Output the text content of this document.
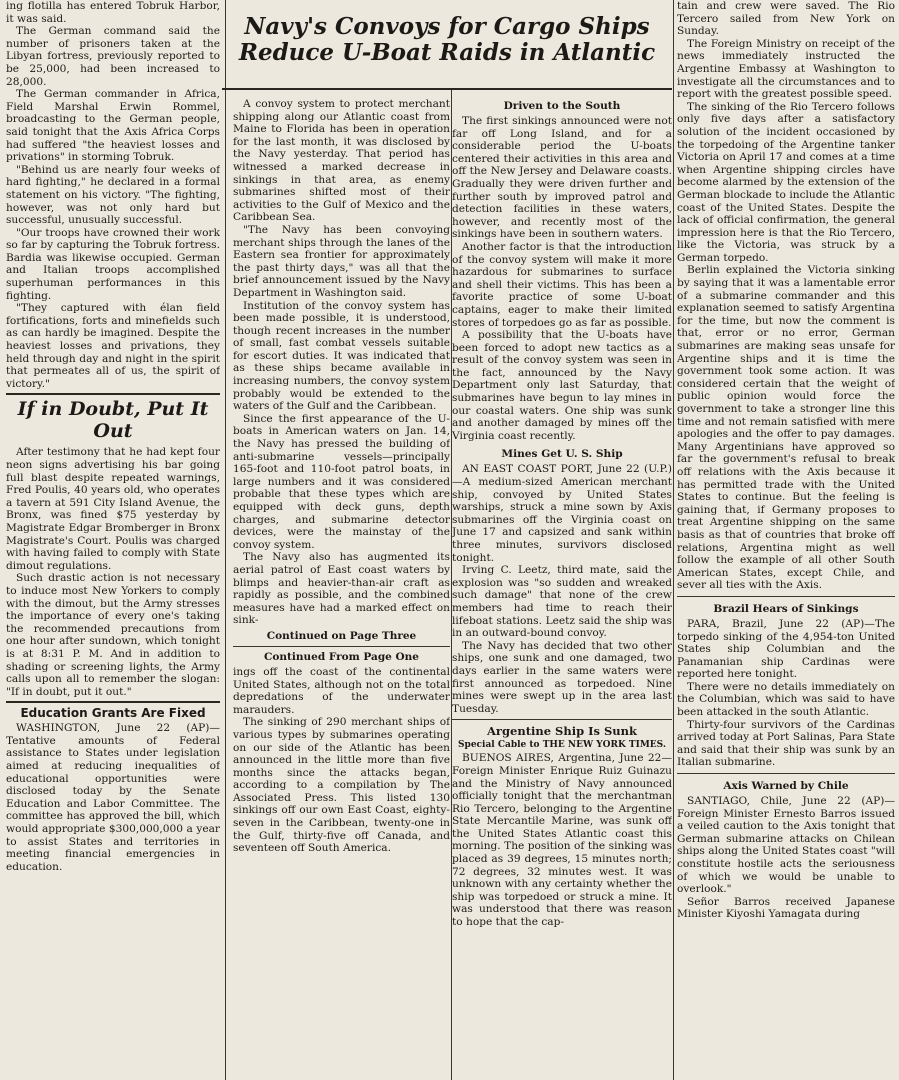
ing flotilla has entered Tobruk Harbor, it was said.

The German command said the number of prisoners taken at the Libyan fortress, previously reported to be 25,000, had been increased to 28,000.

The German commander in Africa, Field Marshal Erwin Rommel, broadcasting to the German people, said tonight that the Axis Africa Corps had suffered "the heaviest losses and privations" in storming Tobruk.

"Behind us are nearly four weeks of hard fighting," he declared in a formal statement on his victory. "The fighting, however, was not only hard but successful, unusually successful.

"Our troops have crowned their work so far by capturing the Tobruk fortress. Bardia was likewise occupied. German and Italian troops accomplished superhuman performances in this fighting.

"They captured with élan field fortifications, forts and minefields such as can hardly be imagined. Despite the heaviest losses and privations, they held through day and night in the spirit that permeates all of us, the spirit of victory."

If in Doubt, Put It Out

After testimony that he had kept four neon signs advertising his bar going full blast despite repeated warnings, Fred Poulis, 40 years old, who operates a tavern at 591 City Island Avenue, the Bronx, was fined $75 yesterday by Magistrate Edgar Bromberger in Bronx Magistrate's Court. Poulis was charged with having failed to comply with State dimout regulations.

Such drastic action is not necessary to induce most New Yorkers to comply with the dimout, but the Army stresses the importance of every one's taking the recommended precautions from one hour after sundown, which tonight is at 8:31 P. M. And in addition to shading or screening lights, the Army calls upon all to remember the slogan: "If in doubt, put it out."

Education Grants Are Fixed

WASHINGTON, June 22 (AP)—Tentative amounts of Federal assistance to States under legislation aimed at reducing inequalities of educational opportunities were disclosed today by the Senate Education and Labor Committee. The committee has approved the bill, which would appropriate $300,000,000 a year to assist States and territories in meeting financial emergencies in education.

Navy's Convoys for Cargo Ships
Reduce U-Boat Raids in Atlantic

A convoy system to protect merchant shipping along our Atlantic coast from Maine to Florida has been in operation for the last month, it was disclosed by the Navy yesterday. That period has witnessed a marked decrease in sinkings in that area, as enemy submarines shifted most of their activities to the Gulf of Mexico and the Caribbean Sea.

"The Navy has been convoying merchant ships through the lanes of the Eastern sea frontier for approximately the past thirty days," was all that the brief announcement issued by the Navy Department in Washington said.

Institution of the convoy system has been made possible, it is understood, though recent increases in the number of small, fast combat vessels suitable for escort duties. It was indicated that as these ships became available in increasing numbers, the convoy system probably would be extended to the waters of the Gulf and the Caribbean.

Since the first appearance of the U-boats in American waters on Jan. 14, the Navy has pressed the building of anti-submarine vessels—principally 165-foot and 110-foot patrol boats, in large numbers and it was considered probable that these types which are equipped with deck guns, depth charges, and submarine detector devices, were the mainstay of the convoy system.

The Navy also has augmented its aerial patrol of East coast waters by blimps and heavier-than-air craft as rapidly as possible, and the combined measures have had a marked effect on sink-

Continued on Page Three
Continued From Page One

ings off the coast of the continental United States, although not on the total depredations of the underwater marauders.

The sinking of 290 merchant ships of various types by submarines operating on our side of the Atlantic has been announced in the little more than five months since the attacks began, according to a compilation by The Associated Press. This listed 130 sinkings off our own East Coast, eighty-seven in the Caribbean, twenty-one in the Gulf, thirty-five off Canada, and seventeen off South America.

Driven to the South

The first sinkings announced were not far off Long Island, and for a considerable period the U-boats centered their activities in this area and off the New Jersey and Delaware coasts. Gradually they were driven further and further south by improved patrol and detection facilities in these waters, however, and recently most of the sinkings have been in southern waters.

Another factor is that the introduction of the convoy system will make it more hazardous for submarines to surface and shell their victims. This has been a favorite practice of some U-boat captains, eager to make their limited stores of torpedoes go as far as possible.

A possibility that the U-boats have been forced to adopt new tactics as a result of the convoy system was seen in the fact, announced by the Navy Department only last Saturday, that submarines have begun to lay mines in our coastal waters. One ship was sunk and another damaged by mines off the Virginia coast recently.

Mines Get U. S. Ship

AN EAST COAST PORT, June 22 (U.P.)—A medium-sized American merchant ship, convoyed by United States warships, struck a mine sown by Axis submarines off the Virginia coast on June 17 and capsized and sank within three minutes, survivors disclosed tonight.

Irving C. Leetz, third mate, said the explosion was "so sudden and wreaked such damage" that none of the crew members had time to reach their lifeboat stations. Leetz said the ship was in an outward-bound convoy.

The Navy has decided that two other ships, one sunk and one damaged, two days earlier in the same waters were first announced as torpedoed. Nine mines were swept up in the area last Tuesday.

Argentine Ship Is Sunk
Special Cable to THE NEW YORK TIMES.

BUENOS AIRES, Argentina, June 22—Foreign Minister Enrique Ruiz Guinazu and the Ministry of Navy announced officially tonight that the merchantman Rio Tercero, belonging to the Argentine State Mercantile Marine, was sunk off the United States Atlantic coast this morning. The position of the sinking was placed as 39 degrees, 15 minutes north; 72 degrees, 32 minutes west. It was unknown with any certainty whether the ship was torpedoed or struck a mine. It was understood that there was reason to hope that the cap-

tain and crew were saved. The Rio Tercero sailed from New York on Sunday.

The Foreign Ministry on receipt of the news immediately instructed the Argentine Embassy at Washington to investigate all the circumstances and to report with the greatest possible speed.

The sinking of the Rio Tercero follows only five days after a satisfactory solution of the incident occasioned by the torpedoing of the Argentine tanker Victoria on April 17 and comes at a time when Argentine shipping circles have become alarmed by the extension of the German blockade to include the Atlantic coast of the United States. Despite the lack of official confirmation, the general impression here is that the Rio Tercero, like the Victoria, was struck by a German torpedo.

Berlin explained the Victoria sinking by saying that it was a lamentable error of a submarine commander and this explanation seemed to satisfy Argentina for the time, but now the comment is that, error or no error, German submarines are making seas unsafe for Argentine ships and it is time the government took some action. It was considered certain that the weight of public opinion would force the government to take a stronger line this time and not remain satisfied with mere apologies and the offer to pay damages. Many Argentinians have approved so far the government's refusal to break off relations with the Axis because it has permitted trade with the United States to continue. But the feeling is gaining that, if Germany proposes to treat Argentine shipping on the same basis as that of countries that broke off relations, Argentina might as well follow the example of all other South American States, except Chile, and sever all ties with the Axis.

Brazil Hears of Sinkings

PARA, Brazil, June 22 (AP)—The torpedo sinking of the 4,954-ton United States ship Columbian and the Panamanian ship Cardinas were reported here tonight.

There were no details immediately on the Columbian, which was said to have been attacked in the south Atlantic.

Thirty-four survivors of the Cardinas arrived today at Port Salinas, Para State and said that their ship was sunk by an Italian submarine.

Axis Warned by Chile

SANTIAGO, Chile, June 22 (AP)—Foreign Minister Ernesto Barros issued a veiled caution to the Axis tonight that German submarine attacks on Chilean ships along the United States coast "will constitute hostile acts the seriousness of which we would be unable to overlook."

Señor Barros received Japanese Minister Kiyoshi Yamagata during
